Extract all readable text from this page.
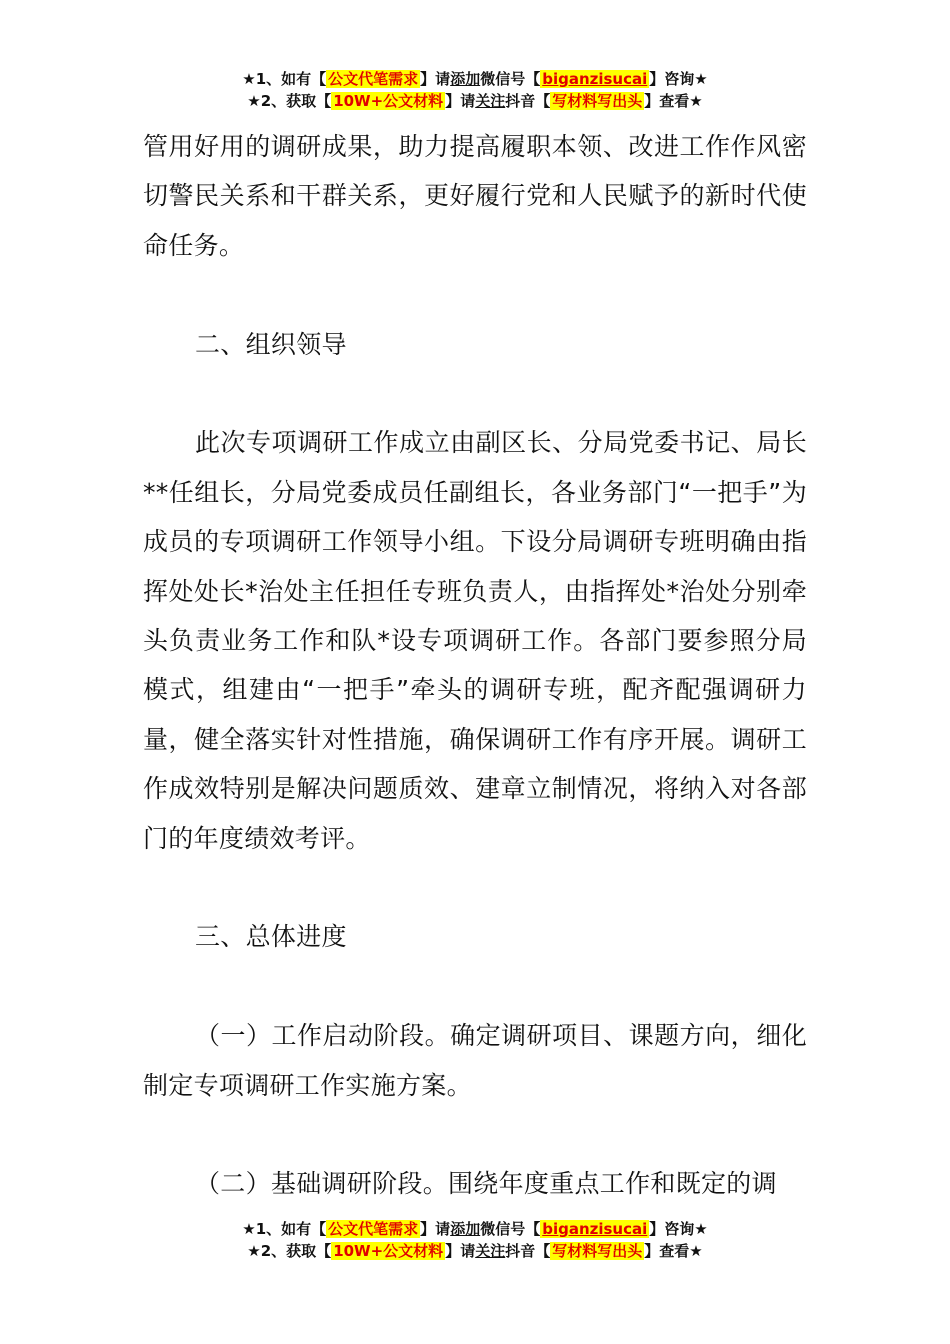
★1、如有【 公文代笔需求 】请添加微信号【 biganzisucai 】咨询★
★2、获取【 10W+公文材料 】请关注抖音【 写材料写出头 】查看★

管用好用的调研成果，助力提高履职本领、改进工作作风密切警民关系和干群关系，更好履行党和人民赋予的新时代使命任务。

二、组织领导

此次专项调研工作成立由副区长、分局党委书记、局长**任组长，分局党委成员任副组长，各业务部门“一把手”为成员的专项调研工作领导小组。下设分局调研专班明确由指挥处处长*治处主任担任专班负责人，由指挥处*治处分别牵头负责业务工作和队*设专项调研工作。各部门要参照分局模式，组建由“一把手”牵头的调研专班，配齐配强调研力量，健全落实针对性措施，确保调研工作有序开展。调研工作成效特别是解决问题质效、建章立制情况，将纳入对各部门的年度绩效考评。

三、总体进度

（一）工作启动阶段。确定调研项目、课题方向，细化制定专项调研工作实施方案。

（二）基础调研阶段。围绕年度重点工作和既定的调

★1、如有【 公文代笔需求 】请添加微信号【 biganzisucai 】咨询★
★2、获取【 10W+公文材料 】请关注抖音【 写材料写出头 】查看★
